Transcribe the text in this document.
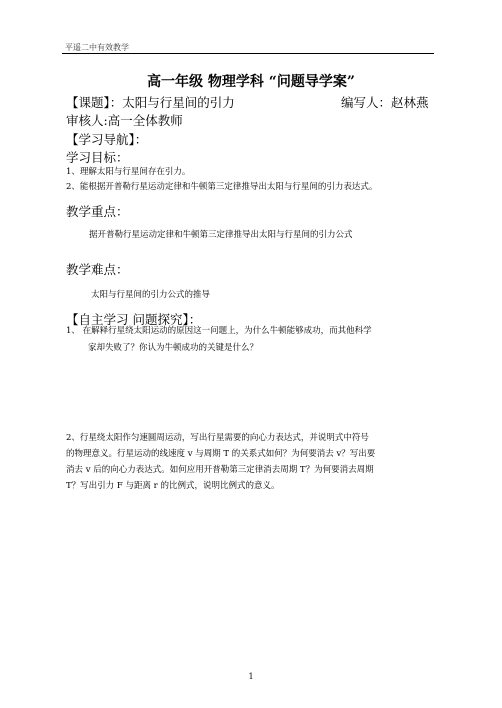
平遥二中有效教学
高一年级 物理学科 “问题导学案”
【课题】：太阳与行星间的引力	编写人：赵林燕
审核人:高一全体教师
【学习导航】：
学习目标：
1、理解太阳与行星间存在引力。
2、能根据开普勒行星运动定律和牛顿第三定律推导出太阳与行星间的引力表达式。
教学重点：
据开普勒行星运动定律和牛顿第三定律推导出太阳与行星间的引力公式
教学难点：
太阳与行星间的引力公式的推导
【自主学习 问题探究】：
1、 在解释行星绕太阳运动的原因这一问题上，为什么牛顿能够成功，而其他科学
家却失败了？你认为牛顿成功的关键是什么？
2、行星绕太阳作匀速圆周运动，写出行星需要的向心力表达式，并说明式中符号
的物理意义。行星运动的线速度 v 与周期 T 的关系式如何？为何要消去 v？写出要
消去 v 后的向心力表达式。如何应用开普勒第三定律消去周期 T？为何要消去周期
T？写出引力 F 与距离 r 的比例式，说明比例式的意义。
1
